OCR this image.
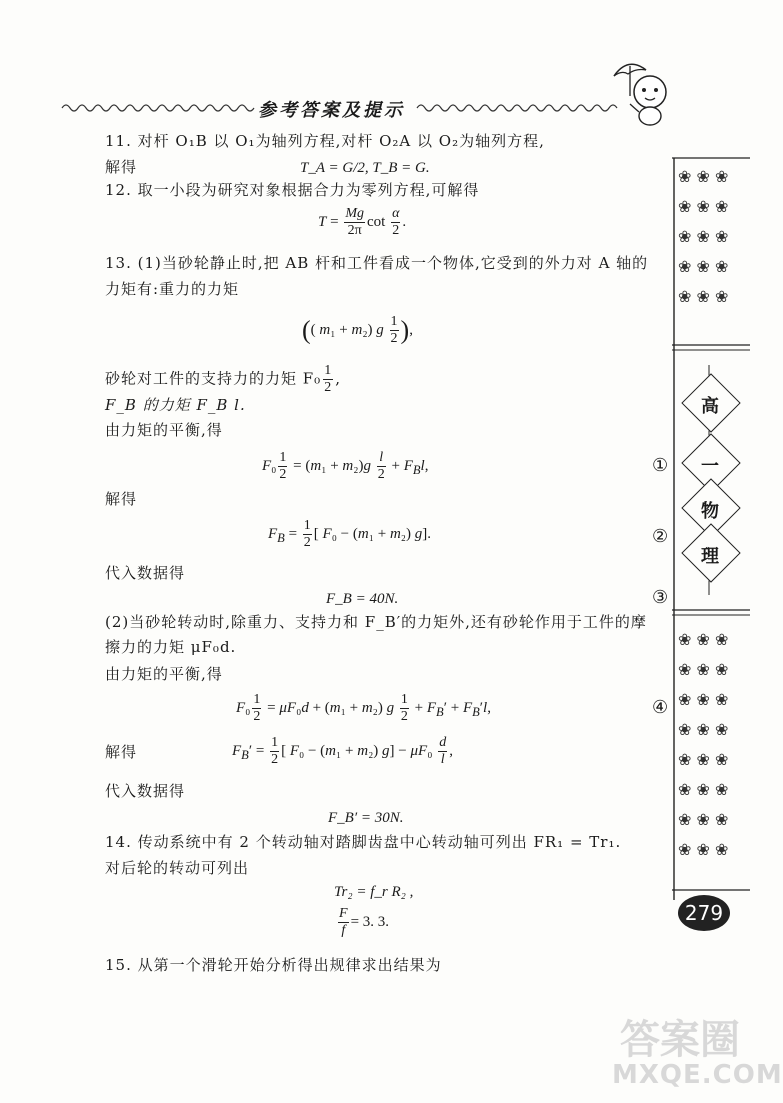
参考答案及提示
11. 对杆 O₁B 以 O₁为轴列方程,对杆 O₂A 以 O₂为轴列方程,
解得	T_A = G/2, T_B = G.
12. 取一小段为研究对象根据合力为零列方程,可解得
$T = \frac{Mg}{2\pi}$ $\cot \frac{\alpha}{2}$ .
13. (1)当砂轮静止时,把 AB 杆和工件看成一个物体,它受到的外力对 A 轴的
力矩有:重力的力矩
(( m₁ + m₂) g $\frac{1}{2}$ ),
砂轮对工件的支持力的力矩 $F_0 \frac{1}{2}$ ,
F_B 的力矩 F_B l.
由力矩的平衡,得
$F_0 \frac{1}{2} = (m_1 + m_2)g \frac{l}{2} + F_Bl$,	①
解得
$F_B = \frac{1}{2}$ [ F₀ − (m₁ + m₂) g].	②
代入数据得
F_B = 40N.	③
(2)当砂轮转动时,除重力、支持力和 F_B′的力矩外,还有砂轮作用于工件的摩
擦力的力矩 μF₀d.
由力矩的平衡,得
$F_0 \frac{1}{2} = \mu F_0d + (m_1 + m_2)$ g $\frac{1}{2} + F_B' + F_B'l$,	④
解得	$F_B' = \frac{1}{2}$ [ F₀ − (m₁ + m₂) $g] - \mu F_0 \frac{d}{l}$ ,
代入数据得
F_B′ = 30N.
14. 传动系统中有 2 个转动轴对踏脚齿盘中心转动轴可列出 FR₁ = Tr₁.
对后轮的转动可列出
Tr₂ = f_r R₂ ,
$\frac{F}{f} = 3$. 3.
15. 从第一个滑轮开始分析得出规律求出结果为
❀ ❀ ❀
❀ ❀ ❀
❀ ❀ ❀
❀ ❀ ❀
❀ ❀ ❀
高
一
物
理
❀ ❀ ❀
❀ ❀ ❀
❀ ❀ ❀
❀ ❀ ❀
❀ ❀ ❀
❀ ❀ ❀
❀ ❀ ❀
❀ ❀ ❀
279
答案圈
MXQE.COM
